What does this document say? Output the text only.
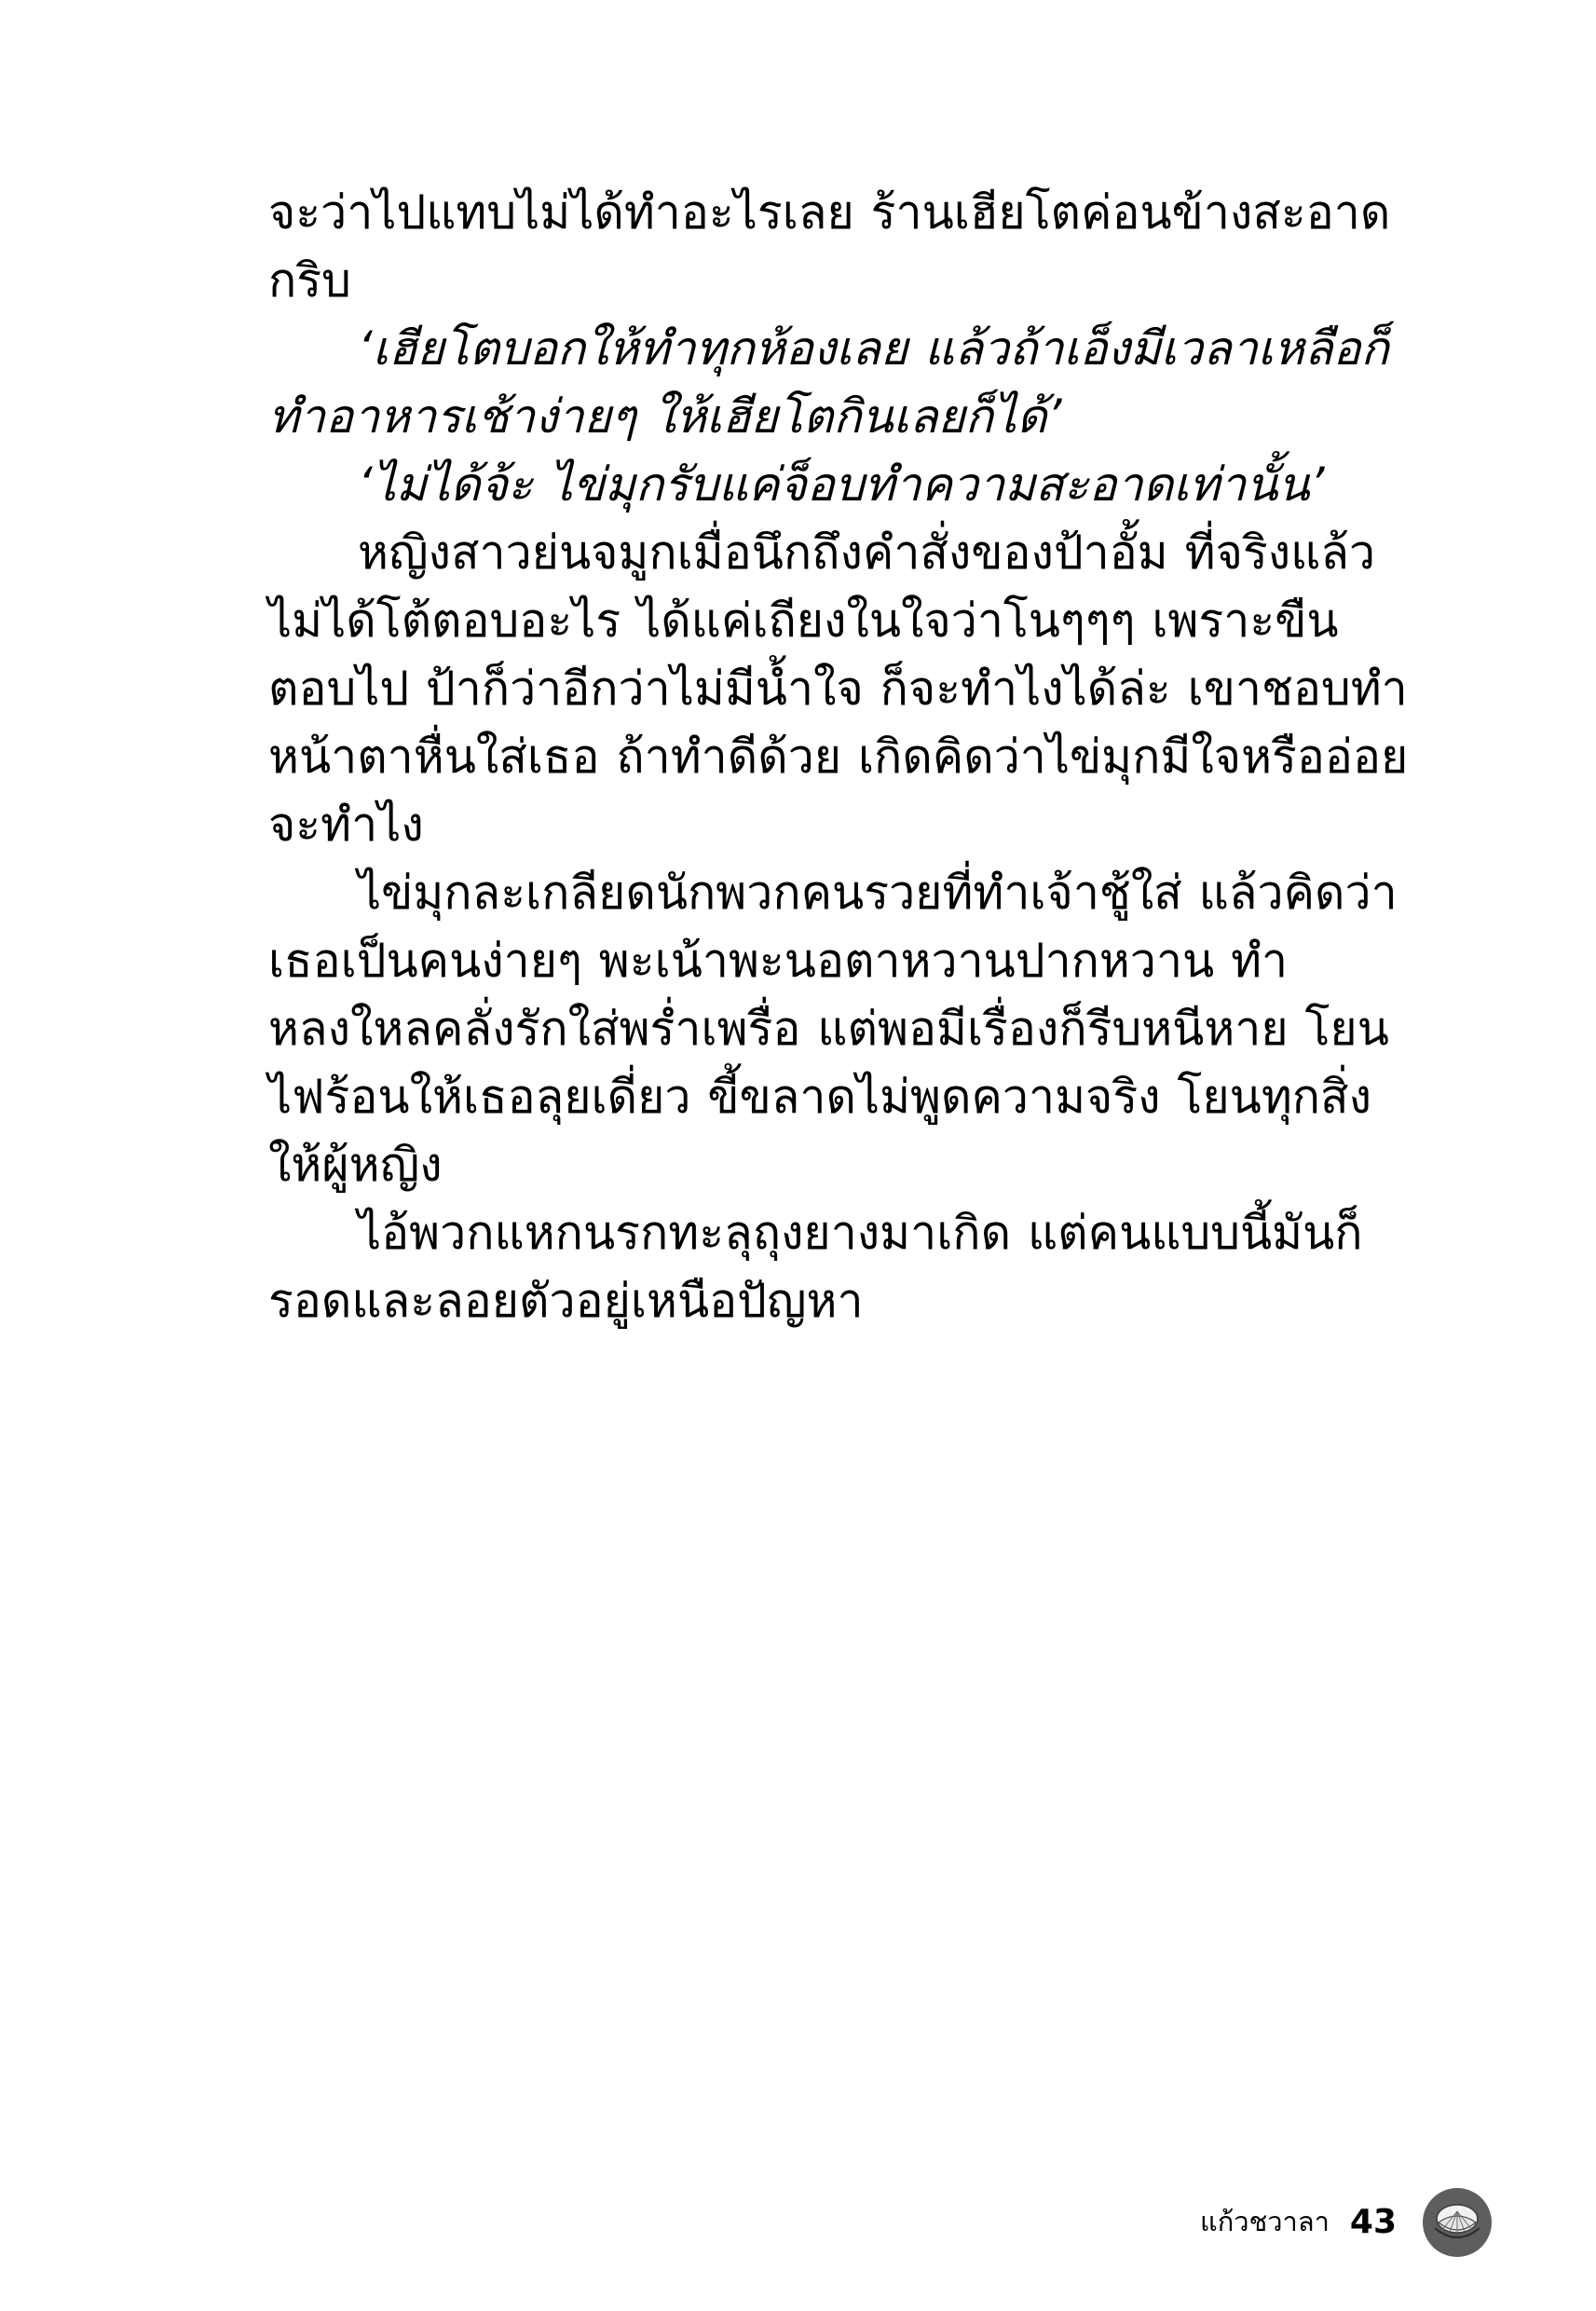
จะว่าไปแทบไม่ได้ทำอะไรเลย ร้านเฮียโตค่อนข้างสะอาดกริบ

‘เฮียโตบอกให้ทำทุกห้องเลย แล้วถ้าเอ็งมีเวลาเหลือก็ทำอาหารเช้าง่ายๆ ให้เฮียโตกินเลยก็ได้’

‘ไม่ได้จ้ะ ไข่มุกรับแค่จ็อบทำความสะอาดเท่านั้น’

หญิงสาวย่นจมูกเมื่อนึกถึงคำสั่งของป้าอั้ม ที่จริงแล้วไม่ได้โต้ตอบอะไร ได้แค่เถียงในใจว่าโนๆๆๆ เพราะขืนตอบไป ป้าก็ว่าอีกว่าไม่มีน้ำใจ ก็จะทำไงได้ล่ะ เขาชอบทำหน้าตาหื่นใส่เธอ ถ้าทำดีด้วย เกิดคิดว่าไข่มุกมีใจหรืออ่อยจะทำไง

ไข่มุกละเกลียดนักพวกคนรวยที่ทำเจ้าชู้ใส่ แล้วคิดว่าเธอเป็นคนง่ายๆ พะเน้าพะนอตาหวานปากหวาน ทำหลงใหลคลั่งรักใส่พร่ำเพรื่อ แต่พอมีเรื่องก็รีบหนีหาย โยนไฟร้อนให้เธอลุยเดี่ยว ขี้ขลาดไม่พูดความจริง โยนทุกสิ่งให้ผู้หญิง

ไอ้พวกแหกนรกทะลุถุงยางมาเกิด แต่คนแบบนี้มันก็รอดและลอยตัวอยู่เหนือปัญหา

แก้วชวาลา 43
